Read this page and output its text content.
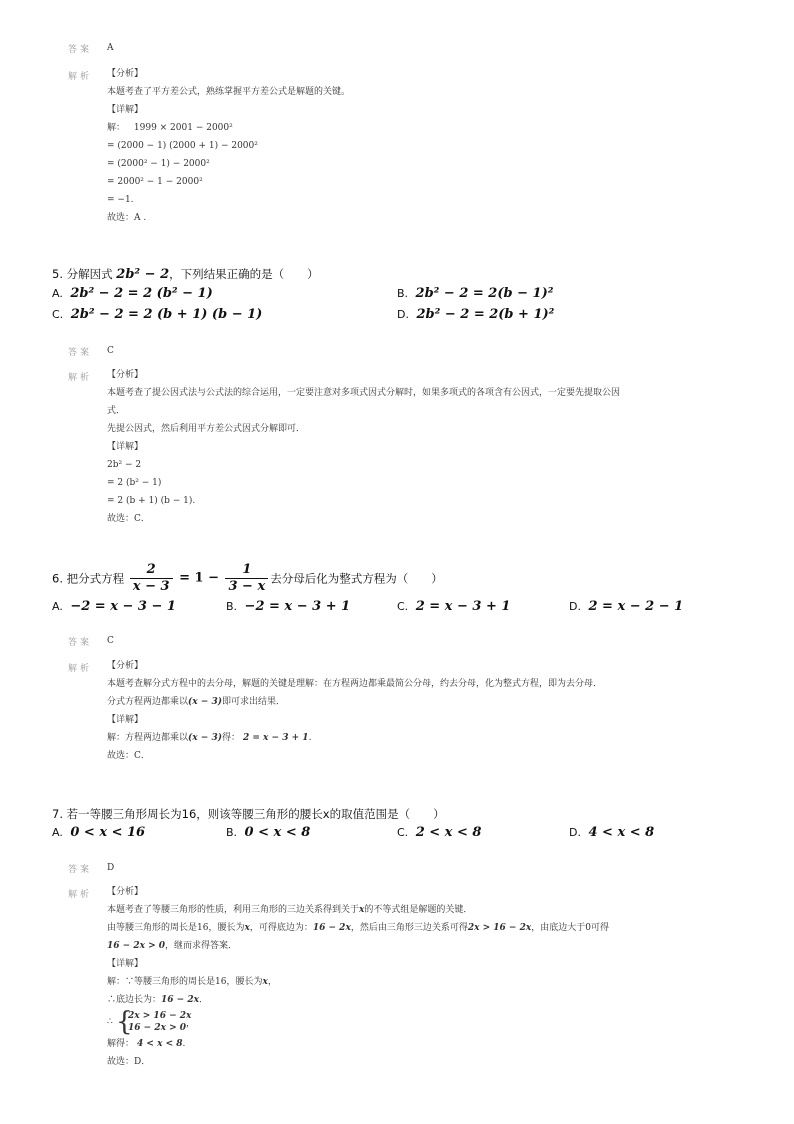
答案 A
解析 【分析】
本题考查了平方差公式，熟练掌握平方差公式是解题的关键。
【详解】
解： 1999 × 2001 − 2000²
= (2000 − 1) (2000 + 1) − 2000²
= (2000² − 1) − 2000²
= 2000² − 1 − 2000²
= −1.
故选：A .
5. 分解因式 2b² − 2，下列结果正确的是（　　）
A. 2b² − 2 = 2 (b² − 1)	B. 2b² − 2 = 2(b − 1)²
C. 2b² − 2 = 2 (b + 1) (b − 1)	D. 2b² − 2 = 2(b + 1)²
答案 C
解析 【分析】
本题考查了提公因式法与公式法的综合运用，一定要注意对多项式因式分解时，如果多项式的各项含有公因式，一定要先提取公因
式．
先提公因式，然后利用平方差公式因式分解即可．
【详解】
2b² − 2
= 2 (b² − 1)
= 2 (b + 1) (b − 1).
故选：C．
6. 把分式方程 $\frac{2}{x - 3} = 1 - \frac{1}{3 - x}$ 去分母后化为整式方程为（　　）
A. −2 = x − 3 − 1	B. −2 = x − 3 + 1	C. 2 = x − 3 + 1	D. 2 = x − 2 − 1
答案 C
解析 【分析】
本题考查解分式方程中的去分母，解题的关键是理解：在方程两边都乘最简公分母，约去分母，化为整式方程，即为去分母．
分式方程两边都乘以(x − 3)即可求出结果．
【详解】
解：方程两边都乘以(x − 3)得： 2 = x − 3 + 1.
故选：C．
7. 若一等腰三角形周长为16，则该等腰三角形的腰长x的取值范围是（　　）
A. 0 < x < 16	B. 0 < x < 8	C. 2 < x < 8	D. 4 < x < 8
答案 D
解析 【分析】
本题考查了等腰三角形的性质，利用三角形的三边关系得到关于x的不等式组是解题的关键．
由等腰三角形的周长是16，腰长为x，可得底边为：16 − 2x，然后由三角形三边关系可得2x > 16 − 2x，由底边大于0可得
16 − 2x > 0，继而求得答案．
【详解】
解：∵等腰三角形的周长是16，腰长为x，
∴底边长为：16 − 2x．
∴ {
2x > 16 − 2x
16 − 2x > 0 ，
解得： 4 < x < 8.
故选：D．
